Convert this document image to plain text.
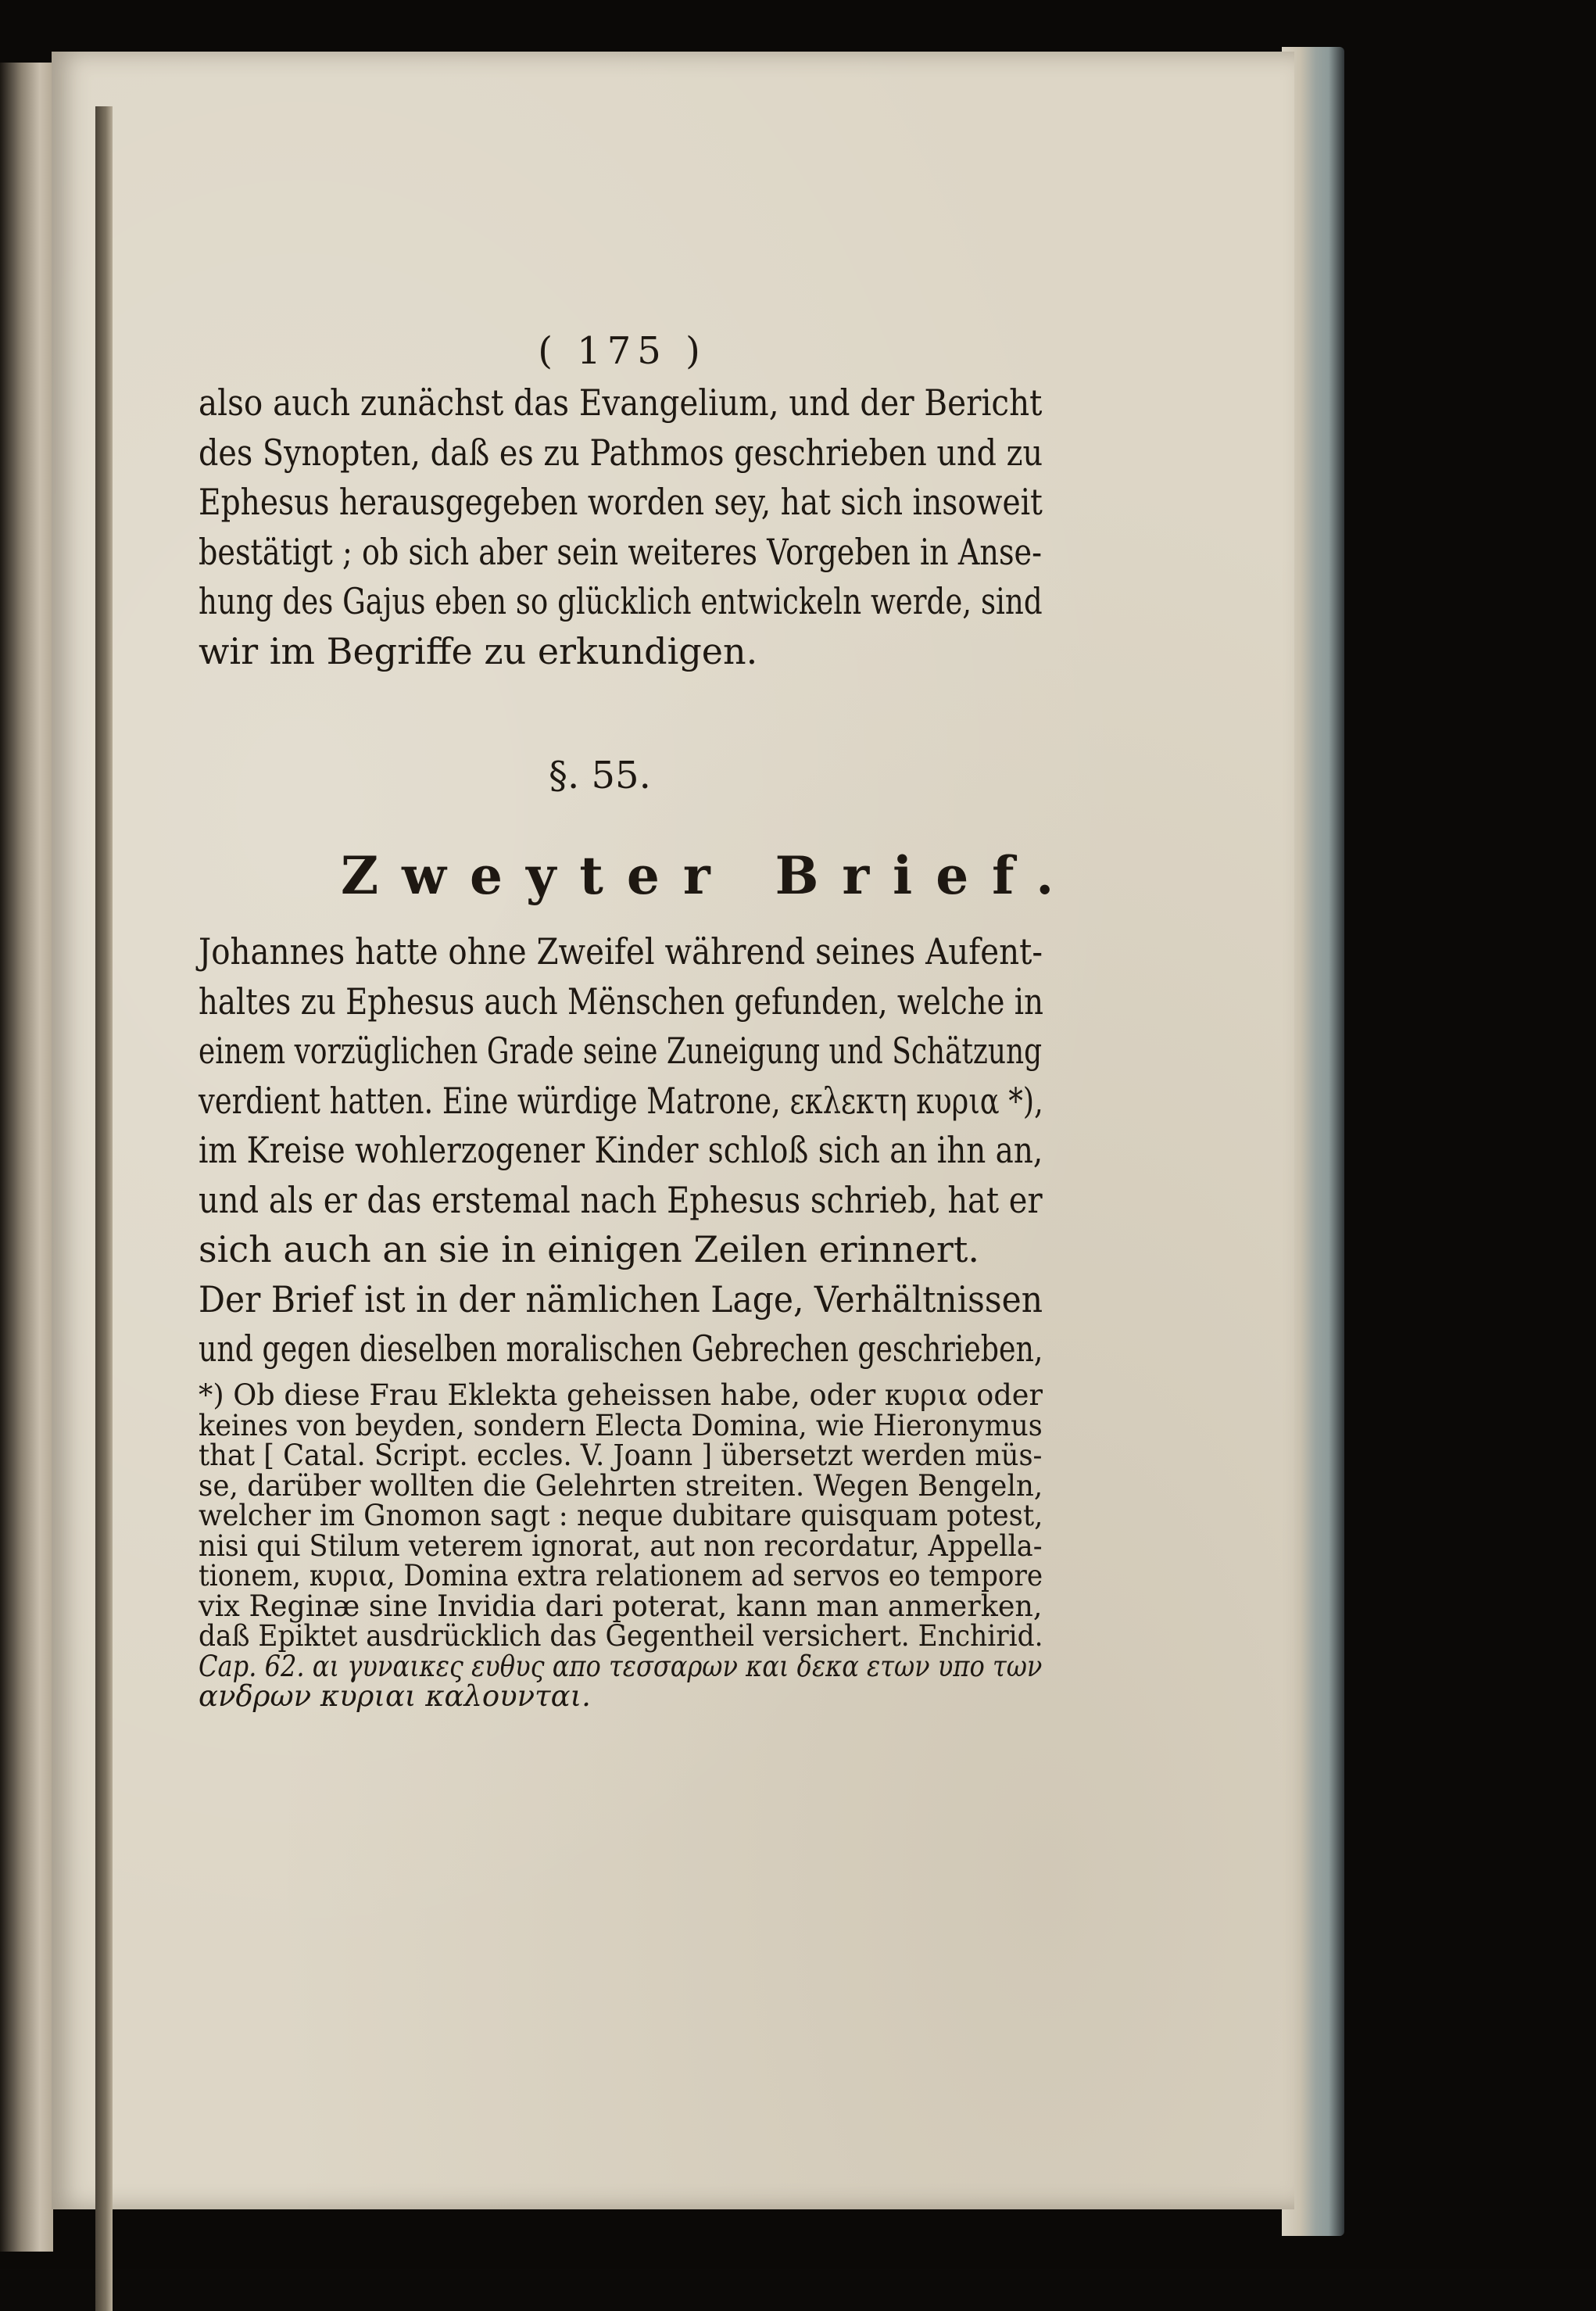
( 175 )
also auch zunächst das Evangelium, und der Bericht
des Synopten, daß es zu Pathmos geschrieben und zu
Ephesus herausgegeben worden sey, hat sich insoweit
bestätigt ; ob sich aber sein weiteres Vorgeben in Anse-
hung des Gajus eben so glücklich entwickeln werde, sind
wir im Begriffe zu erkundigen.
§. 55.
Zweyter Brief.
Johannes hatte ohne Zweifel während seines Aufent-
haltes zu Ephesus auch Mënschen gefunden, welche in
einem vorzüglichen Grade seine Zuneigung und Schätzung
verdient hatten. Eine würdige Matrone, εκλεκτη κυρια *),
im Kreise wohlerzogener Kinder schloß sich an ihn an,
und als er das erstemal nach Ephesus schrieb, hat er
sich auch an sie in einigen Zeilen erinnert.
Der Brief ist in der nämlichen Lage, Verhältnissen
und gegen dieselben moralischen Gebrechen geschrieben,
*) Ob diese Frau Eklekta geheissen habe, oder κυρια oder
keines von beyden, sondern Electa Domina, wie Hieronymus
that [ Catal. Script. eccles. V. Joann ] übersetzt werden müs-
se, darüber wollten die Gelehrten streiten. Wegen Bengeln,
welcher im Gnomon sagt : neque dubitare quisquam potest,
nisi qui Stilum veterem ignorat, aut non recordatur, Appella-
tionem, κυρια, Domina extra relationem ad servos eo tempore
vix Reginæ sine Invidia dari poterat, kann man anmerken,
daß Epiktet ausdrücklich das Gegentheil versichert. Enchirid.
Cap. 62. αι γυναικες ευθυς απο τεσσαρων και δεκα ετων υπο των
ανδρων κυριαι καλουνται.
